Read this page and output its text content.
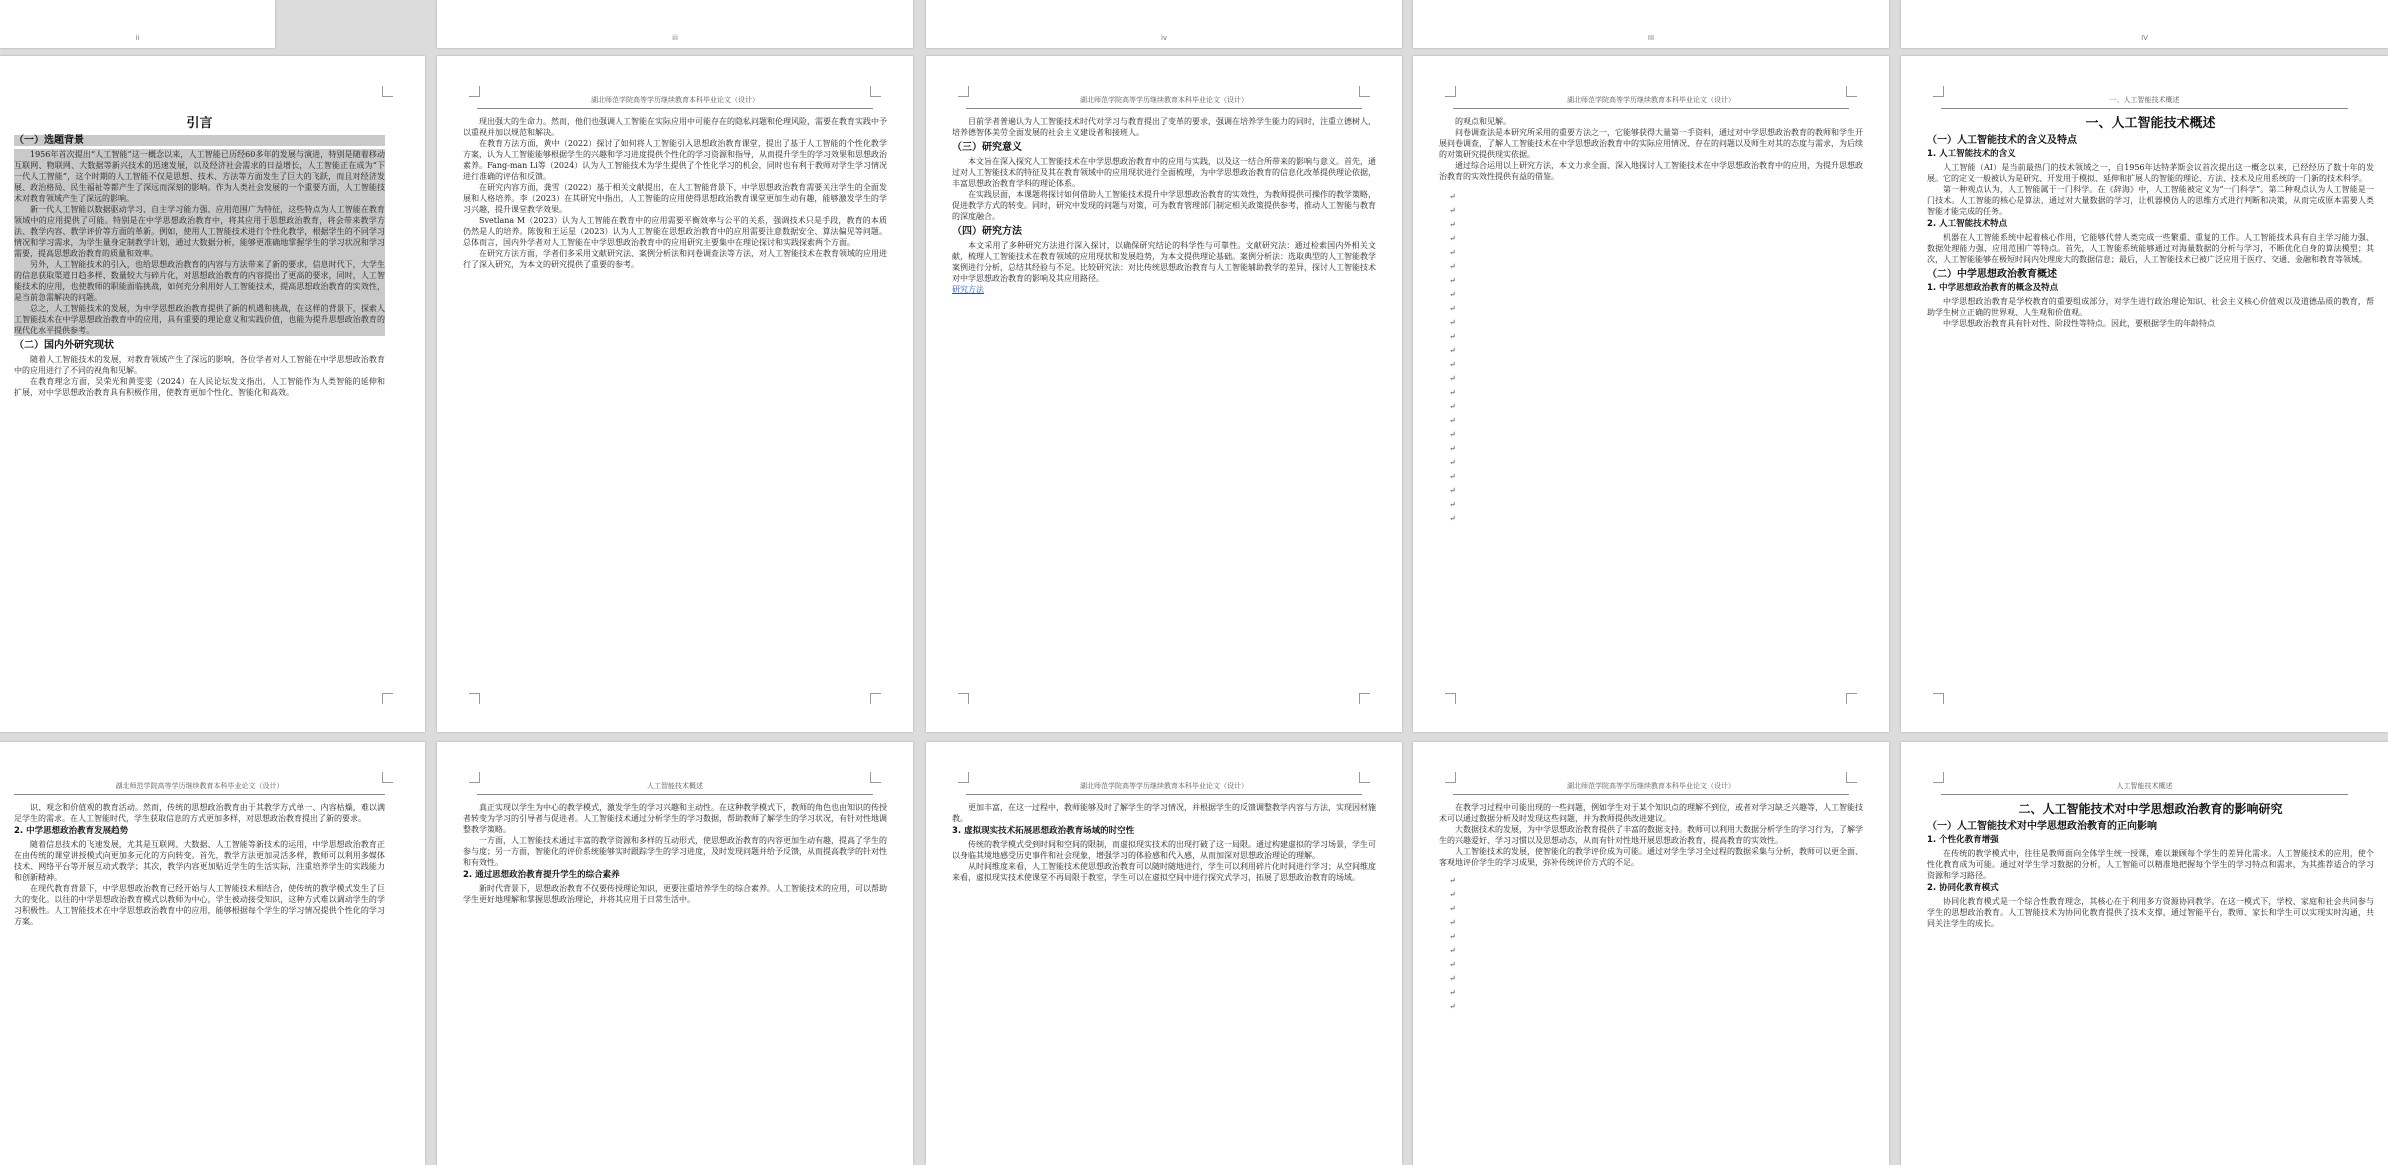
ii	iii	iv	III	IV
引言
（一）选题背景

1956年首次提出“人工智能”这一概念以来，人工智能已历经60多年的发展与演进，特别是随着移动互联网、物联网、大数据等新兴技术的迅速发展，以及经济社会需求的日益增长，人工智能正在成为“下一代人工智能”，这个时期的人工智能不仅是思想、技术、方法等方面发生了巨大的飞跃，而且对经济发展、政治格局、民生福祉等都产生了深远而深刻的影响。作为人类社会发展的一个重要方面，人工智能技术对教育领域产生了深远的影响。

新一代人工智能以数据驱动学习、自主学习能力强、应用范围广为特征，这些特点为人工智能在教育领域中的应用提供了可能。特别是在中学思想政治教育中，将其应用于思想政治教育，将会带来教学方法、教学内容、教学评价等方面的革新。例如，使用人工智能技术进行个性化教学，根据学生的不同学习情况和学习需求，为学生量身定制教学计划，通过大数据分析，能够更准确地掌握学生的学习状况和学习需要，提高思想政治教育的质量和效率。

另外，人工智能技术的引入，也给思想政治教育的内容与方法带来了新的要求，信息时代下，大学生的信息获取渠道日趋多样、数量较大与碎片化，对思想政治教育的内容提出了更高的要求，同时，人工智能技术的应用，也使教师的职能面临挑战，如何充分利用好人工智能技术，提高思想政治教育的实效性，是当前急需解决的问题。

总之，人工智能技术的发展，为中学思想政治教育提供了新的机遇和挑战，在这样的背景下，探索人工智能技术在中学思想政治教育中的应用，具有重要的理论意义和实践价值，也能为提升思想政治教育的现代化水平提供参考。

（二）国内外研究现状

随着人工智能技术的发展，对教育领域产生了深远的影响，各位学者对人工智能在中学思想政治教育中的应用进行了不同的视角和见解。

在教育理念方面，吴荣光和黄雯雯（2024）在人民论坛发文指出，人工智能作为人类智能的延伸和扩展，对中学思想政治教育具有积极作用，使教育更加个性化、智能化和高效。

湖北师范学院高等学历继续教育本科毕业论文（设计）

现出强大的生命力。然而，他们也强调人工智能在实际应用中可能存在的隐私问题和伦理风险，需要在教育实践中予以重视并加以规范和解决。

在教育方法方面，黄中（2022）探讨了如何将人工智能引入思想政治教育课堂，提出了基于人工智能的个性化教学方案，认为人工智能能够根据学生的兴趣和学习进度提供个性化的学习资源和指导，从而提升学生的学习效果和思想政治素养。Fang-man Li等（2024）认为人工智能技术为学生提供了个性化学习的机会，同时也有利于教师对学生学习情况进行准确的评估和反馈。

在研究内容方面，龚雪（2022）基于相关文献提出，在人工智能背景下，中学思想政治教育需要关注学生的全面发展和人格培养。李（2023）在其研究中指出，人工智能的应用使得思想政治教育课堂更加生动有趣，能够激发学生的学习兴趣，提升课堂教学效果。

Svetlana M（2023）认为人工智能在教育中的应用需要平衡效率与公平的关系，强调技术只是手段，教育的本质仍然是人的培养。陈俊和王运星（2023）认为人工智能在思想政治教育中的应用需要注意数据安全、算法偏见等问题。总体而言，国内外学者对人工智能在中学思想政治教育中的应用研究主要集中在理论探讨和实践探索两个方面。

在研究方法方面，学者们多采用文献研究法、案例分析法和问卷调查法等方法，对人工智能技术在教育领域的应用进行了深入研究，为本文的研究提供了重要的参考。

湖北师范学院高等学历继续教育本科毕业论文（设计）

目前学者普遍认为人工智能技术时代对学习与教育提出了变革的要求，强调在培养学生能力的同时，注重立德树人，培养德智体美劳全面发展的社会主义建设者和接班人。

（三）研究意义

本文旨在深入探究人工智能技术在中学思想政治教育中的应用与实践，以及这一结合所带来的影响与意义。首先，通过对人工智能技术的特征及其在教育领域中的应用现状进行全面梳理，为中学思想政治教育的信息化改革提供理论依据，丰富思想政治教育学科的理论体系。

在实践层面，本课题将探讨如何借助人工智能技术提升中学思想政治教育的实效性，为教师提供可操作的教学策略，促进教学方式的转变。同时，研究中发现的问题与对策，可为教育管理部门制定相关政策提供参考，推动人工智能与教育的深度融合。

（四）研究方法

本文采用了多种研究方法进行深入探讨，以确保研究结论的科学性与可靠性。文献研究法：通过检索国内外相关文献，梳理人工智能技术在教育领域的应用现状和发展趋势，为本文提供理论基础。案例分析法：选取典型的人工智能教学案例进行分析，总结其经验与不足。比较研究法：对比传统思想政治教育与人工智能辅助教学的差异，探讨人工智能技术对中学思想政治教育的影响及其应用路径。

研究方法

湖北师范学院高等学历继续教育本科毕业论文（设计）

的观点和见解。

问卷调查法是本研究所采用的重要方法之一，它能够获得大量第一手资料，通过对中学思想政治教育的教师和学生开展问卷调查，了解人工智能技术在中学思想政治教育中的实际应用情况、存在的问题以及师生对其的态度与需求，为后续的对策研究提供现实依据。

通过综合运用以上研究方法，本文力求全面、深入地探讨人工智能技术在中学思想政治教育中的应用，为提升思想政治教育的实效性提供有益的借鉴。

↵
↵
↵
↵
↵
↵
↵
↵
↵
↵
↵
↵
↵
↵
↵
↵
↵
↵
↵
↵
↵
↵
↵
↵
一、人工智能技术概述
一、人工智能技术概述
（一）人工智能技术的含义及特点
1. 人工智能技术的含义

人工智能（AI）是当前最热门的技术领域之一，自1956年达特茅斯会议首次提出这一概念以来，已经经历了数十年的发展。它的定义一般被认为是研究、开发用于模拟、延伸和扩展人的智能的理论、方法、技术及应用系统的一门新的技术科学。

第一种观点认为，人工智能属于一门科学。在《辞海》中，人工智能被定义为“一门科学”。第二种观点认为人工智能是一门技术。人工智能的核心是算法，通过对大量数据的学习，让机器模仿人的思维方式进行判断和决策，从而完成原本需要人类智能才能完成的任务。

2. 人工智能技术特点

机器在人工智能系统中起着核心作用，它能够代替人类完成一些繁重、重复的工作。人工智能技术具有自主学习能力强、数据处理能力强、应用范围广等特点。首先，人工智能系统能够通过对海量数据的分析与学习，不断优化自身的算法模型；其次，人工智能能够在极短时间内处理庞大的数据信息；最后，人工智能技术已被广泛应用于医疗、交通、金融和教育等领域。

（二）中学思想政治教育概述
1. 中学思想政治教育的概念及特点

中学思想政治教育是学校教育的重要组成部分，对学生进行政治理论知识、社会主义核心价值观以及道德品质的教育，帮助学生树立正确的世界观、人生观和价值观。

中学思想政治教育具有针对性、阶段性等特点。因此，要根据学生的年龄特点

湖北师范学院高等学历继续教育本科毕业论文（设计）

识、观念和价值观的教育活动。然而，传统的思想政治教育由于其教学方式单一、内容枯燥，难以满足学生的需求。在人工智能时代，学生获取信息的方式更加多样，对思想政治教育提出了新的要求。

2. 中学思想政治教育发展趋势

随着信息技术的飞速发展，尤其是互联网、大数据、人工智能等新技术的运用，中学思想政治教育正在由传统的课堂讲授模式向更加多元化的方向转变。首先，教学方法更加灵活多样，教师可以利用多媒体技术、网络平台等开展互动式教学；其次，教学内容更加贴近学生的生活实际，注重培养学生的实践能力和创新精神。

在现代教育背景下，中学思想政治教育已经开始与人工智能技术相结合，使传统的教学模式发生了巨大的变化。以往的中学思想政治教育模式以教师为中心，学生被动接受知识，这种方式难以调动学生的学习积极性。人工智能技术在中学思想政治教育中的应用，能够根据每个学生的学习情况提供个性化的学习方案。

人工智能技术概述

真正实现以学生为中心的教学模式，激发学生的学习兴趣和主动性。在这种教学模式下，教师的角色也由知识的传授者转变为学习的引导者与促进者。人工智能技术通过分析学生的学习数据，帮助教师了解学生的学习状况，有针对性地调整教学策略。

一方面，人工智能技术通过丰富的教学资源和多样的互动形式，使思想政治教育的内容更加生动有趣，提高了学生的参与度；另一方面，智能化的评价系统能够实时跟踪学生的学习进度，及时发现问题并给予反馈，从而提高教学的针对性和有效性。

2. 通过思想政治教育提升学生的综合素养

新时代背景下，思想政治教育不仅要传授理论知识，更要注重培养学生的综合素养。人工智能技术的应用，可以帮助学生更好地理解和掌握思想政治理论，并将其应用于日常生活中。

湖北师范学院高等学历继续教育本科毕业论文（设计）

更加丰富，在这一过程中，教师能够及时了解学生的学习情况，并根据学生的反馈调整教学内容与方法，实现因材施教。

3. 虚拟现实技术拓展思想政治教育场域的时空性

传统的教学模式受到时间和空间的限制，而虚拟现实技术的出现打破了这一局限。通过构建虚拟的学习场景，学生可以身临其境地感受历史事件和社会现象，增强学习的体验感和代入感，从而加深对思想政治理论的理解。

从时间维度来看，人工智能技术使思想政治教育可以随时随地进行，学生可以利用碎片化时间进行学习；从空间维度来看，虚拟现实技术使课堂不再局限于教室，学生可以在虚拟空间中进行探究式学习，拓展了思想政治教育的场域。

湖北师范学院高等学历继续教育本科毕业论文（设计）

在教学习过程中可能出现的一些问题，例如学生对于某个知识点的理解不到位，或者对学习缺乏兴趣等，人工智能技术可以通过数据分析及时发现这些问题，并为教师提供改进建议。

大数据技术的发展，为中学思想政治教育提供了丰富的数据支持。教师可以利用大数据分析学生的学习行为，了解学生的兴趣爱好、学习习惯以及思想动态，从而有针对性地开展思想政治教育，提高教育的实效性。

人工智能技术的发展，使智能化的教学评价成为可能。通过对学生学习全过程的数据采集与分析，教师可以更全面、客观地评价学生的学习成果，弥补传统评价方式的不足。

↵
↵
↵
↵
↵
↵
↵
↵
↵
↵
人工智能技术概述
二、人工智能技术对中学思想政治教育的影响研究
（一）人工智能技术对中学思想政治教育的正向影响
1. 个性化教育增强

在传统的教学模式中，往往是教师面向全体学生统一授课，难以兼顾每个学生的差异化需求。人工智能技术的应用，使个性化教育成为可能。通过对学生学习数据的分析，人工智能可以精准地把握每个学生的学习特点和需求，为其推荐适合的学习资源和学习路径。

2. 协同化教育模式

协同化教育模式是一个综合性教育理念，其核心在于利用多方资源协同教学。在这一模式下，学校、家庭和社会共同参与学生的思想政治教育。人工智能技术为协同化教育提供了技术支撑，通过智能平台，教师、家长和学生可以实现实时沟通，共同关注学生的成长。
